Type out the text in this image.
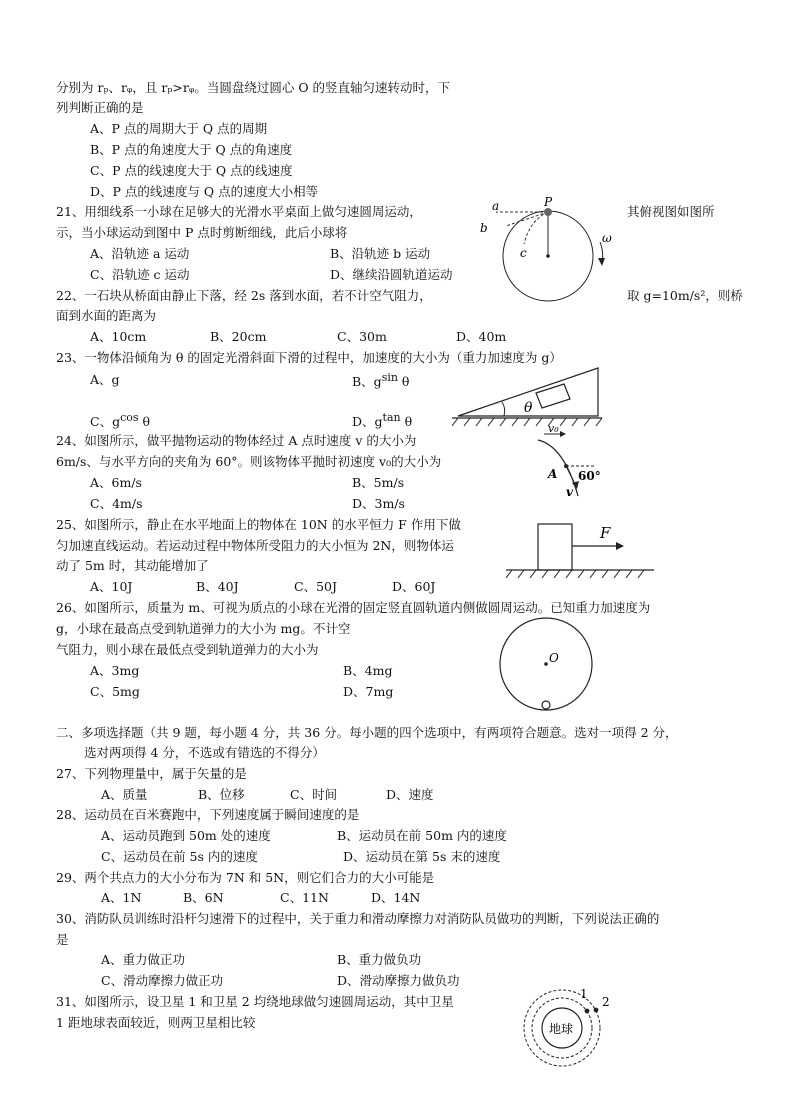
分别为 rₚ、rᵩ，且 rₚ>rᵩ。当圆盘绕过圆心 O 的竖直轴匀速转动时，下
列判断正确的是
A、P 点的周期大于 Q 点的周期
B、P 点的角速度大于 Q 点的角速度
C、P 点的线速度大于 Q 点的线速度
D、P 点的线速度与 Q 点的速度大小相等
21、用细线系一小球在足够大的光滑水平桌面上做匀速圆周运动，	其俯视图如图所
示，当小球运动到图中 P 点时剪断细线，此后小球将
A、沿轨迹 a 运动	B、沿轨迹 b 运动
C、沿轨迹 c 运动	D、继续沿圆轨道运动
a
b
c
P
ω
22、一石块从桥面由静止下落，经 2s 落到水面，若不计空气阻力，	取 g=10m/s²，则桥
面到水面的距离为
A、10cm	B、20cm	C、30m	D、40m
23、一物体沿倾角为 θ 的固定光滑斜面下滑的过程中，加速度的大小为（重力加速度为 g）
A、g	B、$g^{sin}$ θ
C、$g^{cos}$ θ	D、$g^{tan}$ θ
θ
24、如图所示，做平抛物运动的物体经过 A 点时速度 v 的大小为
6m/s、与水平方向的夹角为 60°。则该物体平抛时初速度 v₀的大小为
A、6m/s	B、5m/s
C、4m/s	D、3m/s
v₀
A 60°
v
25、如图所示，静止在水平地面上的物体在 10N 的水平恒力 F 作用下做
匀加速直线运动。若运动过程中物体所受阻力的大小恒为 2N，则物体运
动了 5m 时，其动能增加了
A、10J	B、40J	C、50J	D、60J
F
26、如图所示，质量为 m、可视为质点的小球在光滑的固定竖直圆轨道内侧做圆周运动。已知重力加速度为
g，小球在最高点受到轨道弹力的大小为 mg。不计空
气阻力，则小球在最低点受到轨道弹力的大小为
A、3mg	B、4mg
C、5mg	D、7mg
O
二、多项选择题（共 9 题，每小题 4 分，共 36 分。每小题的四个选项中，有两项符合题意。选对一项得 2 分，
选对两项得 4 分，不选或有错选的不得分）
27、下列物理量中，属于矢量的是
A、质量	B、位移	C、时间	D、速度
28、运动员在百米赛跑中，下列速度属于瞬间速度的是
A、运动员跑到 50m 处的速度	B、运动员在前 50m 内的速度
C、运动员在前 5s 内的速度	D、运动员在第 5s 末的速度
29、两个共点力的大小分布为 7N 和 5N，则它们合力的大小可能是
A、1N	B、6N	C、11N	D、14N
30、消防队员训练时沿杆匀速滑下的过程中，关于重力和滑动摩擦力对消防队员做功的判断，下列说法正确的
是
A、重力做正功	B、重力做负功
C、滑动摩擦力做正功	D、滑动摩擦力做负功
31、如图所示，设卫星 1 和卫星 2 均绕地球做匀速圆周运动，其中卫星
1 距地球表面较近，则两卫星相比较	地球
1
2
